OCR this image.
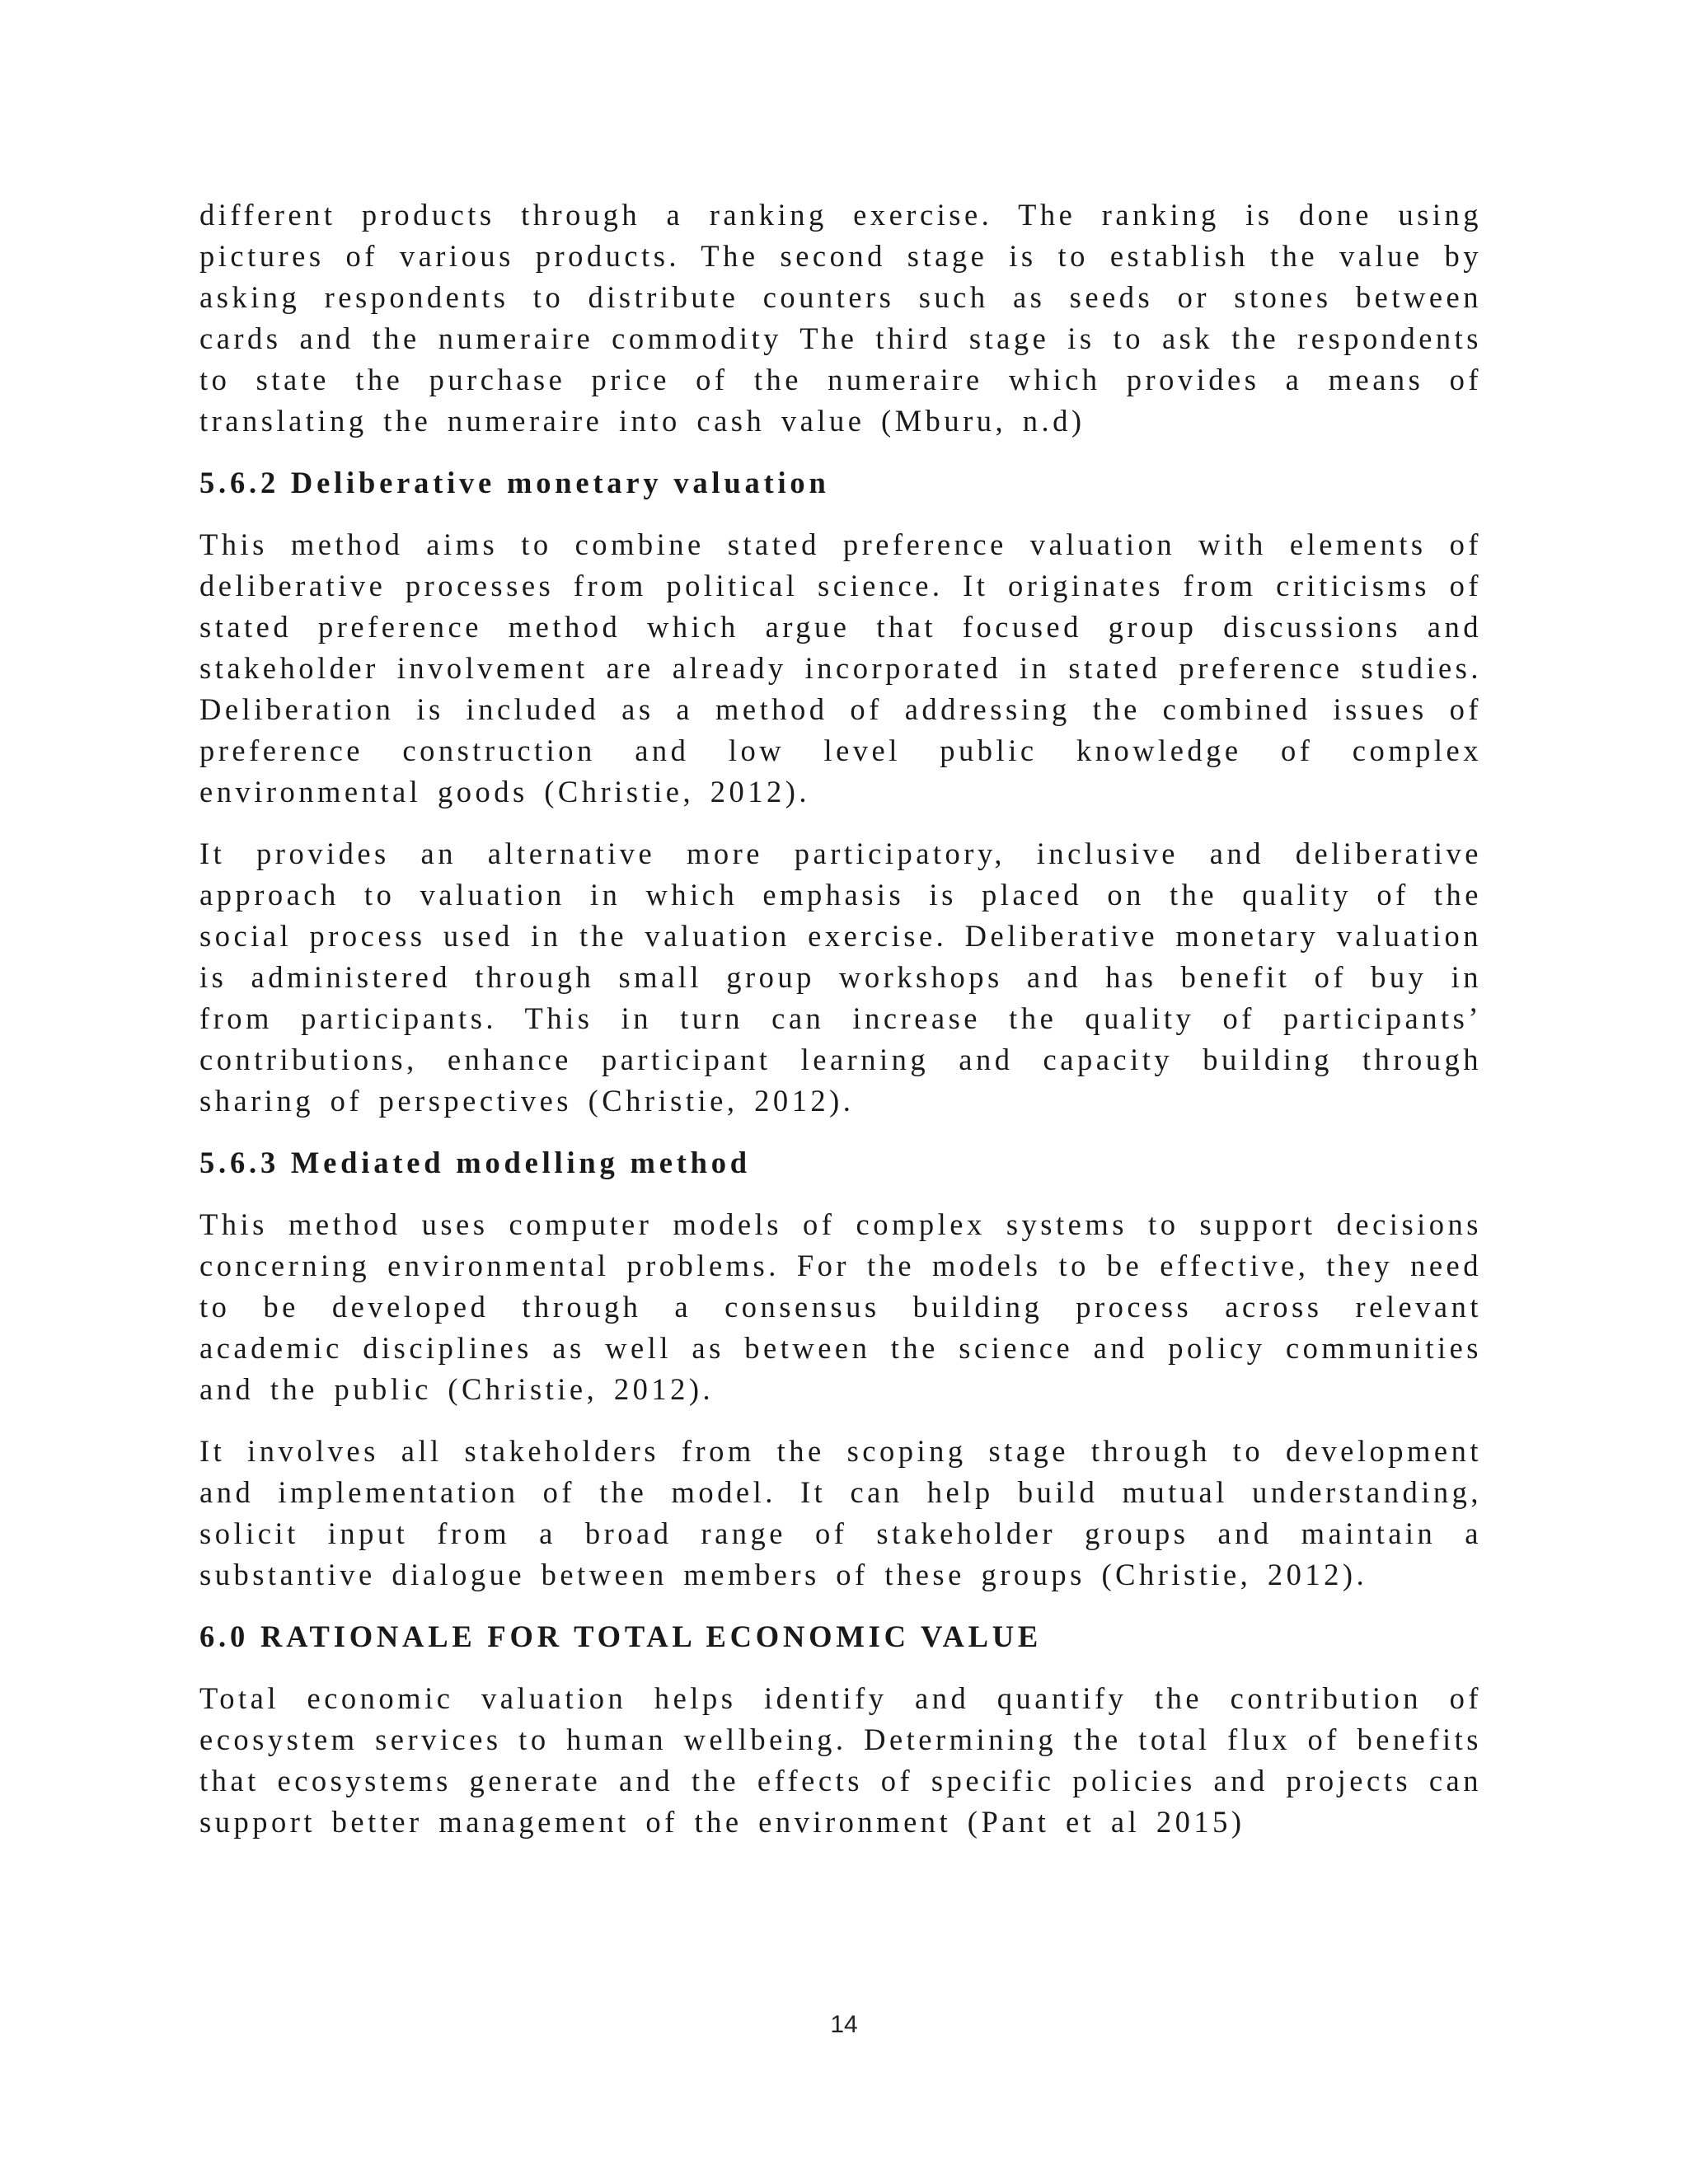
different products through a ranking exercise. The ranking is done using pictures of various products. The second stage is to establish the value by asking respondents to distribute counters such as seeds or stones between cards and the numeraire commodity The third stage is to ask the respondents to state the purchase price of the numeraire which provides a means of translating the numeraire into cash value (Mburu, n.d)

5.6.2 Deliberative monetary valuation

This method aims to combine stated preference valuation with elements of deliberative processes from political science. It originates from criticisms of stated preference method which argue that focused group discussions and stakeholder involvement are already incorporated in stated preference studies. Deliberation is included as a method of addressing the combined issues of preference construction and low level public knowledge of complex environmental goods (Christie, 2012).

It provides an alternative more participatory, inclusive and deliberative approach to valuation in which emphasis is placed on the quality of the social process used in the valuation exercise. Deliberative monetary valuation is administered through small group workshops and has benefit of buy in from participants. This in turn can increase the quality of participants’ contributions, enhance participant learning and capacity building through sharing of perspectives (Christie, 2012).

5.6.3 Mediated modelling method

This method uses computer models of complex systems to support decisions concerning environmental problems. For the models to be effective, they need to be developed through a consensus building process across relevant academic disciplines as well as between the science and policy communities and the public (Christie, 2012).

It involves all stakeholders from the scoping stage through to development and implementation of the model. It can help build mutual understanding, solicit input from a broad range of stakeholder groups and maintain a substantive dialogue between members of these groups (Christie, 2012).

6.0 RATIONALE FOR TOTAL ECONOMIC VALUE

Total economic valuation helps identify and quantify the contribution of ecosystem services to human wellbeing. Determining the total flux of benefits that ecosystems generate and the effects of specific policies and projects can support better management of the environment (Pant et al 2015)

14
